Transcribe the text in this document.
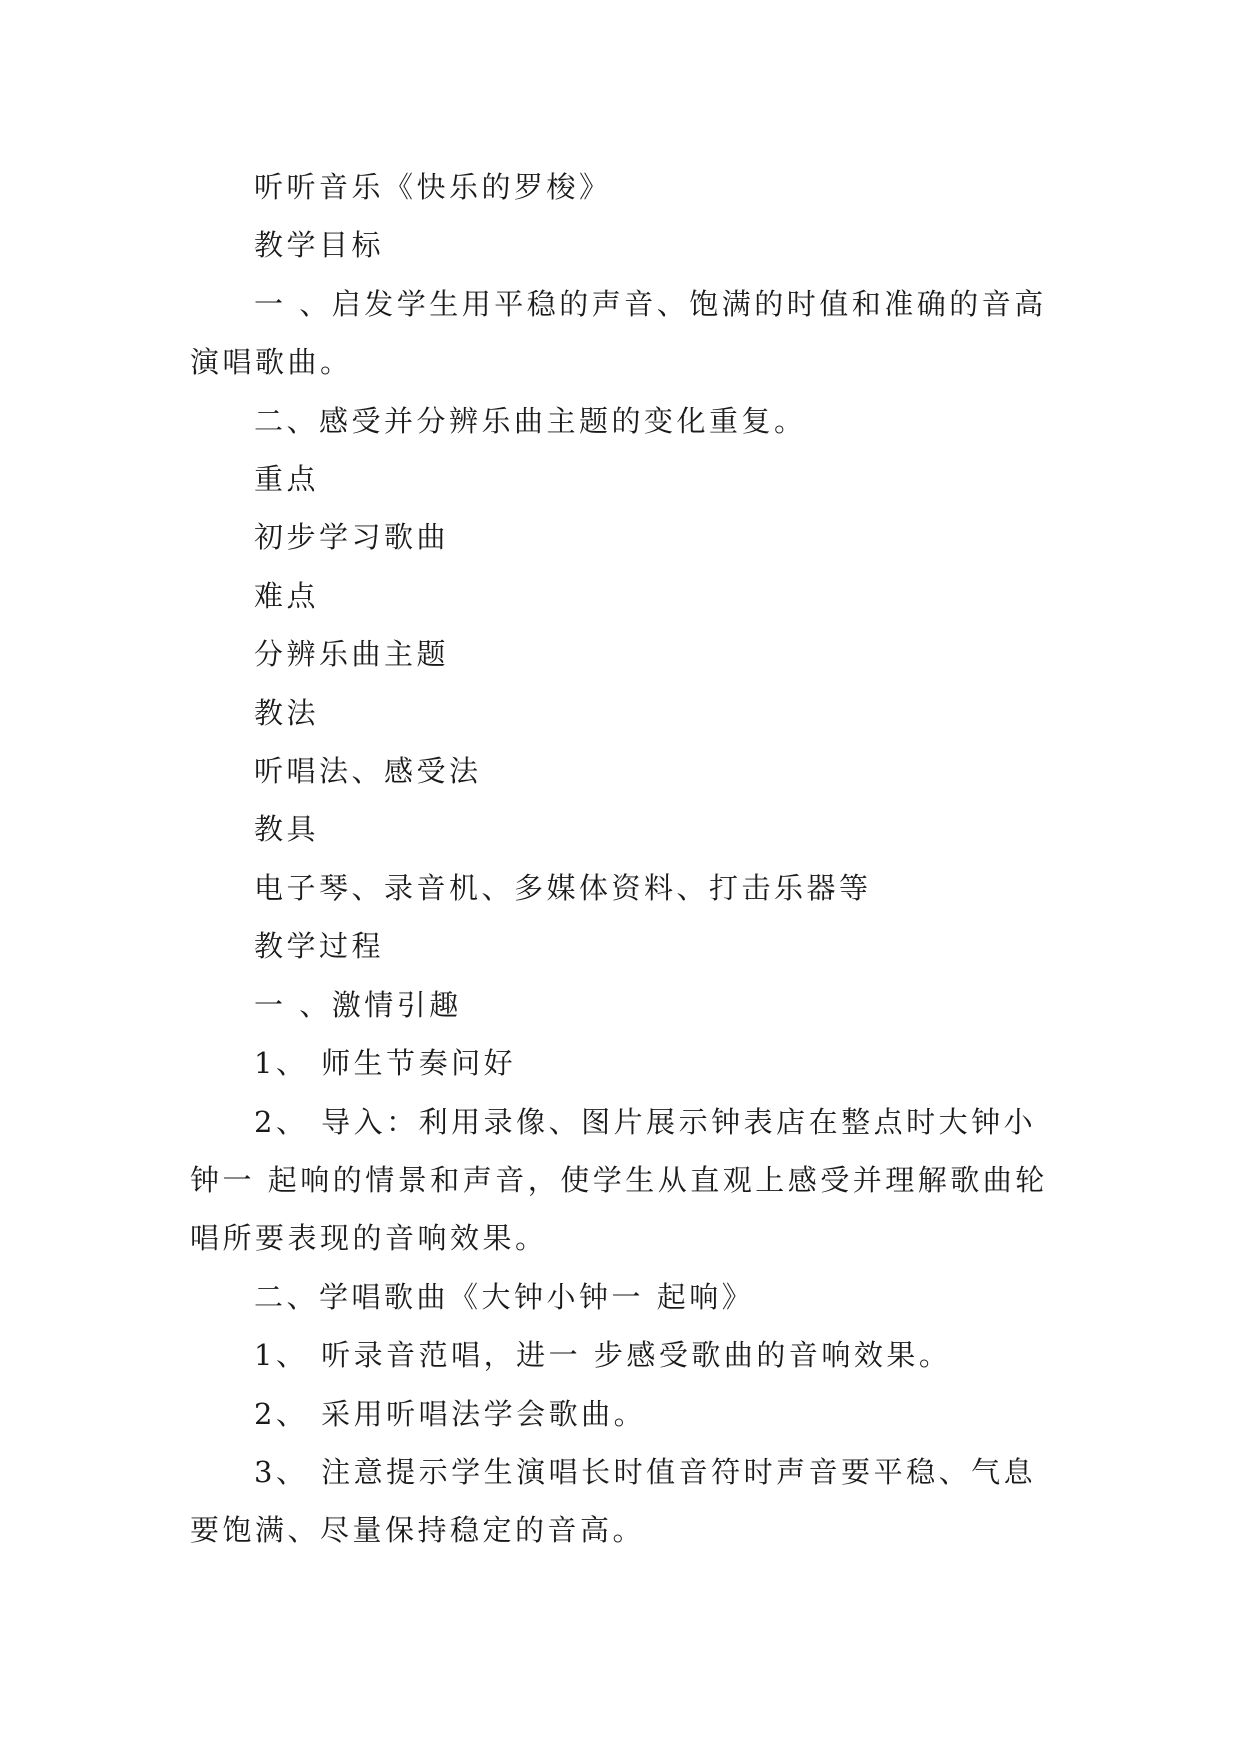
听听音乐《快乐的罗梭》

教学目标

一 、启发学生用平稳的声音、饱满的时值和准确的音高演唱歌曲。

二、感受并分辨乐曲主题的变化重复。

重点

初步学习歌曲

难点

分辨乐曲主题

教法

听唱法、感受法

教具

电子琴、录音机、多媒体资料、打击乐器等

教学过程

一 、激情引趣

1、 师生节奏问好

2、 导入：利用录像、图片展示钟表店在整点时大钟小钟一 起响的情景和声音，使学生从直观上感受并理解歌曲轮唱所要表现的音响效果。

二、学唱歌曲《大钟小钟一 起响》

1、 听录音范唱，进一 步感受歌曲的音响效果。

2、 采用听唱法学会歌曲。

3、 注意提示学生演唱长时值音符时声音要平稳、气息要饱满、尽量保持稳定的音高。
